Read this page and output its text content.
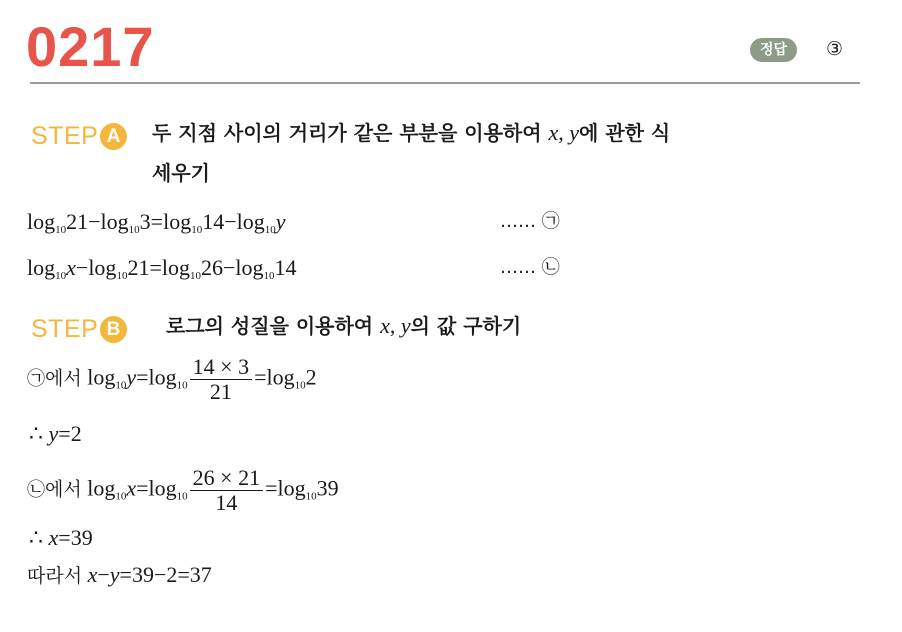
0217	정답	③
STEP A	두 지점 사이의 거리가 같은 부분을 이용하여 x, y에 관한 식
세우기
$\log_{10}21-\log_{10}3=\log_{10}14-\log_{10}y$	…… ㉠
$\log_{10}x-\log_{10}21=\log_{10}26-\log_{10}14$	…… ㉡
STEP B	로그의 성질을 이용하여 x, y의 값 구하기
㉠에서 $\log_{10}y=\log_{10} \frac{14 \times 3}{21} =\log_{10}2$
∴ y=2
㉡에서 $\log_{10}x=\log_{10} \frac{26 \times 21}{14} =\log_{10}39$
∴ x=39
따라서 x−y=39−2=37
